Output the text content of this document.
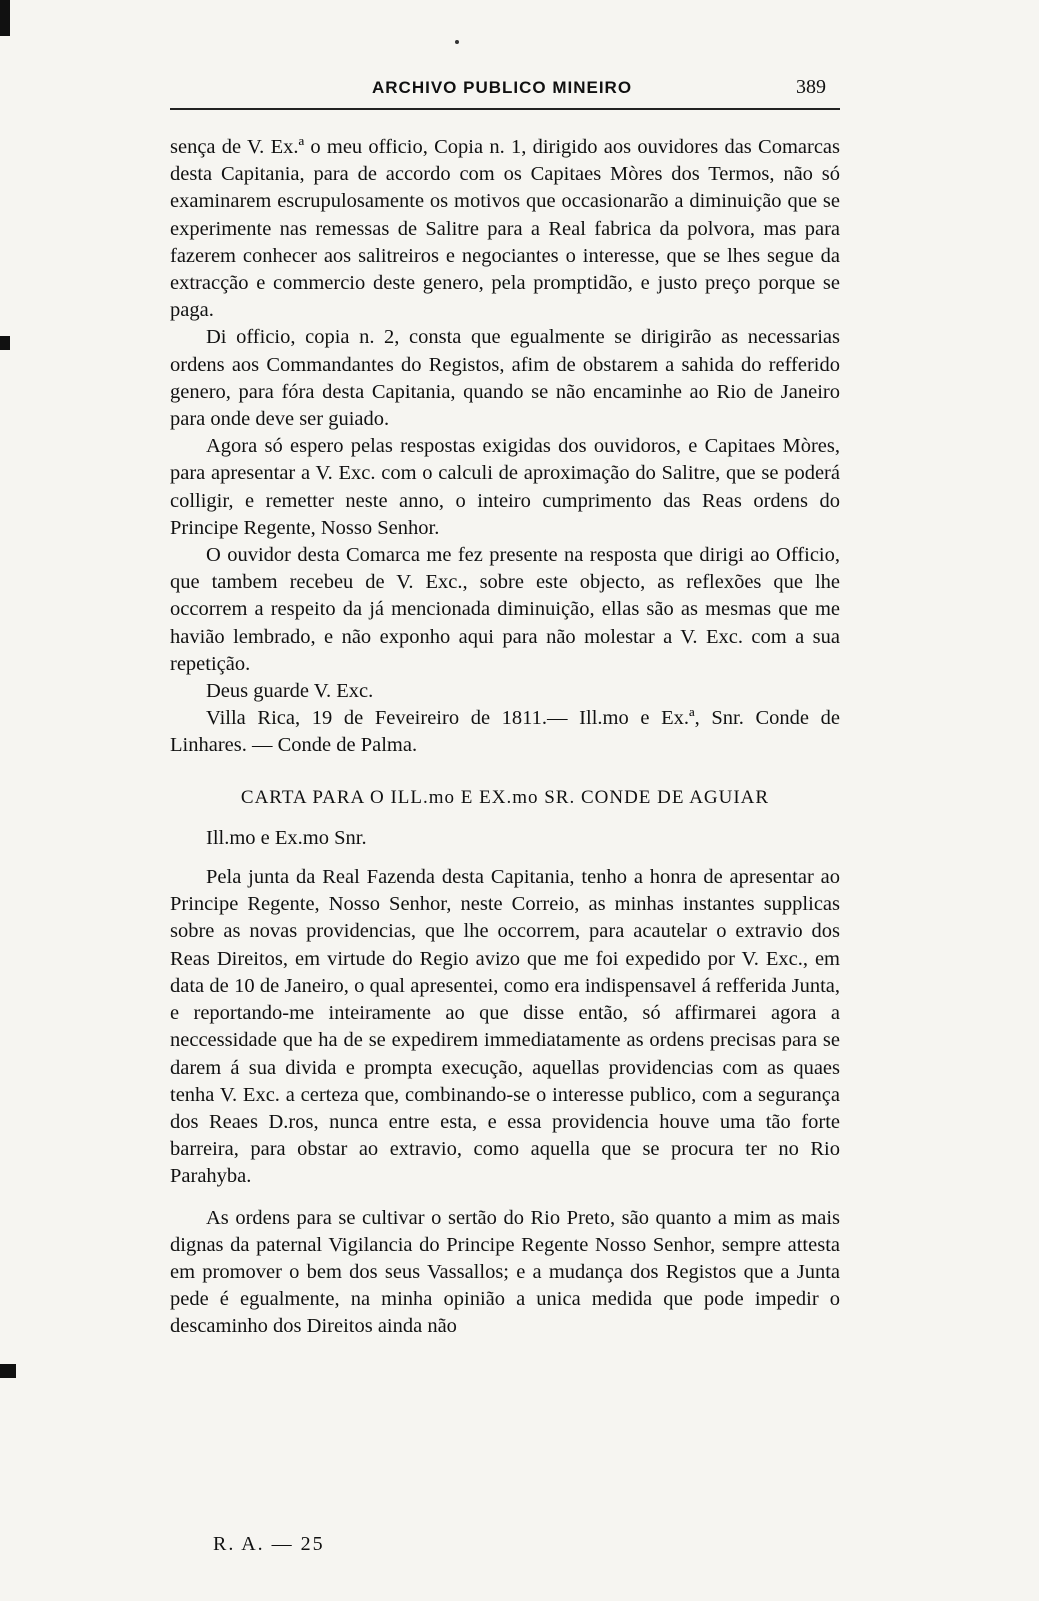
ARCHIVO PUBLICO MINEIRO	389

sença de V. Ex.ª o meu officio, Copia n. 1, dirigido aos ouvidores das Comarcas desta Capitania, para de accordo com os Capitaes Mòres dos Termos, não só examinarem escrupulosamente os motivos que occasionarão a diminuição que se experimente nas remessas de Salitre para a Real fabrica da polvora, mas para fazerem conhecer aos salitreiros e negociantes o interesse, que se lhes segue da extracção e commercio deste genero, pela promptidão, e justo preço porque se paga.

Di officio, copia n. 2, consta que egualmente se dirigirão as necessarias ordens aos Commandantes do Registos, afim de obstarem a sahida do refferido genero, para fóra desta Capitania, quando se não encaminhe ao Rio de Janeiro para onde deve ser guiado.

Agora só espero pelas respostas exigidas dos ouvidoros, e Capitaes Mòres, para apresentar a V. Exc. com o calculi de aproximação do Salitre, que se poderá colligir, e remetter neste anno, o inteiro cumprimento das Reas ordens do Principe Regente, Nosso Senhor.

O ouvidor desta Comarca me fez presente na resposta que dirigi ao Officio, que tambem recebeu de V. Exc., sobre este objecto, as reflexões que lhe occorrem a respeito da já mencionada diminuição, ellas são as mesmas que me havião lembrado, e não exponho aqui para não molestar a V. Exc. com a sua repetição.

Deus guarde V. Exc.

Villa Rica, 19 de Feveireiro de 1811.— Ill.mo e Ex.ª, Snr. Conde de Linhares. — Conde de Palma.

CARTA PARA O ILL.mo E EX.mo SR. CONDE DE AGUIAR

Ill.mo e Ex.mo Snr.

Pela junta da Real Fazenda desta Capitania, tenho a honra de apresentar ao Principe Regente, Nosso Senhor, neste Correio, as minhas instantes supplicas sobre as novas providencias, que lhe occorrem, para acautelar o extravio dos Reas Direitos, em virtude do Regio avizo que me foi expedido por V. Exc., em data de 10 de Janeiro, o qual apresentei, como era indispensavel á refferida Junta, e reportando-me inteiramente ao que disse então, só affirmarei agora a neccessidade que ha de se expedirem immediatamente as ordens precisas para se darem á sua divida e prompta execução, aquellas providencias com as quaes tenha V. Exc. a certeza que, combinando-se o interesse publico, com a segurança dos Reaes D.ros, nunca entre esta, e essa providencia houve uma tão forte barreira, para obstar ao extravio, como aquella que se procura ter no Rio Parahyba.

As ordens para se cultivar o sertão do Rio Preto, são quanto a mim as mais dignas da paternal Vigilancia do Principe Regente Nosso Senhor, sempre attesta em promover o bem dos seus Vassallos; e a mudança dos Registos que a Junta pede é egualmente, na minha opinião a unica medida que pode impedir o descaminho dos Direitos ainda não

R. A. — 25
